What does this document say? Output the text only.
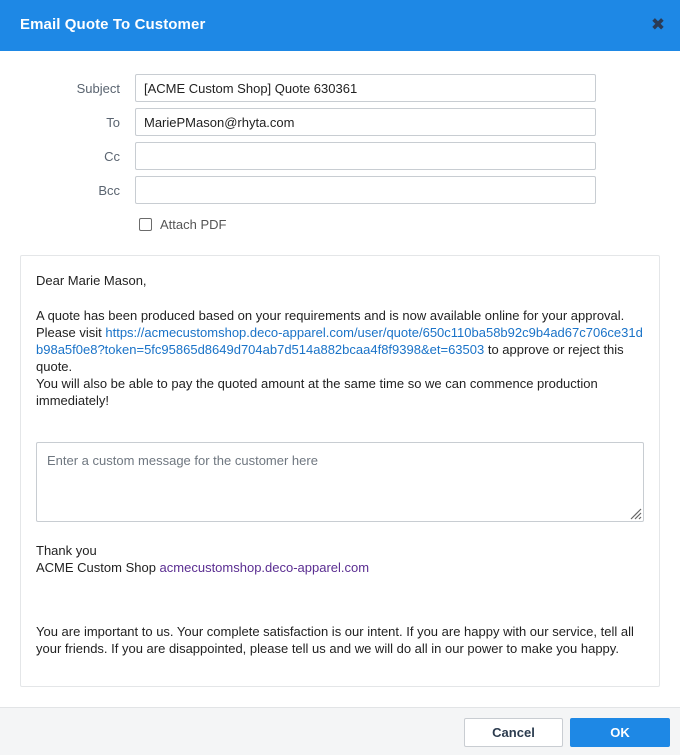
Email Quote To Customer	✖
Subject
[ACME Custom Shop] Quote 630361
To
MariePMason@rhyta.com
Cc
Bcc
Attach PDF

Dear Marie Mason,

A quote has been produced based on your requirements and is now available online for your approval. Please visit https://acmecustomshop.deco-apparel.com/user/quote/650c110ba58b92c9b4ad67c706ce31db98a5f0e8?token=5fc95865d8649d704ab7d514a882bcaa4f8f9398&et=63503 to approve or reject this quote.

You will also be able to pay the quoted amount at the same time so we can commence production immediately!

Enter a custom message for the customer here

Thank you

ACME Custom Shop acmecustomshop.deco-apparel.com

You are important to us. Your complete satisfaction is our intent. If you are happy with our service, tell all your friends. If you are disappointed, please tell us and we will do all in our power to make you happy.

Cancel	OK
